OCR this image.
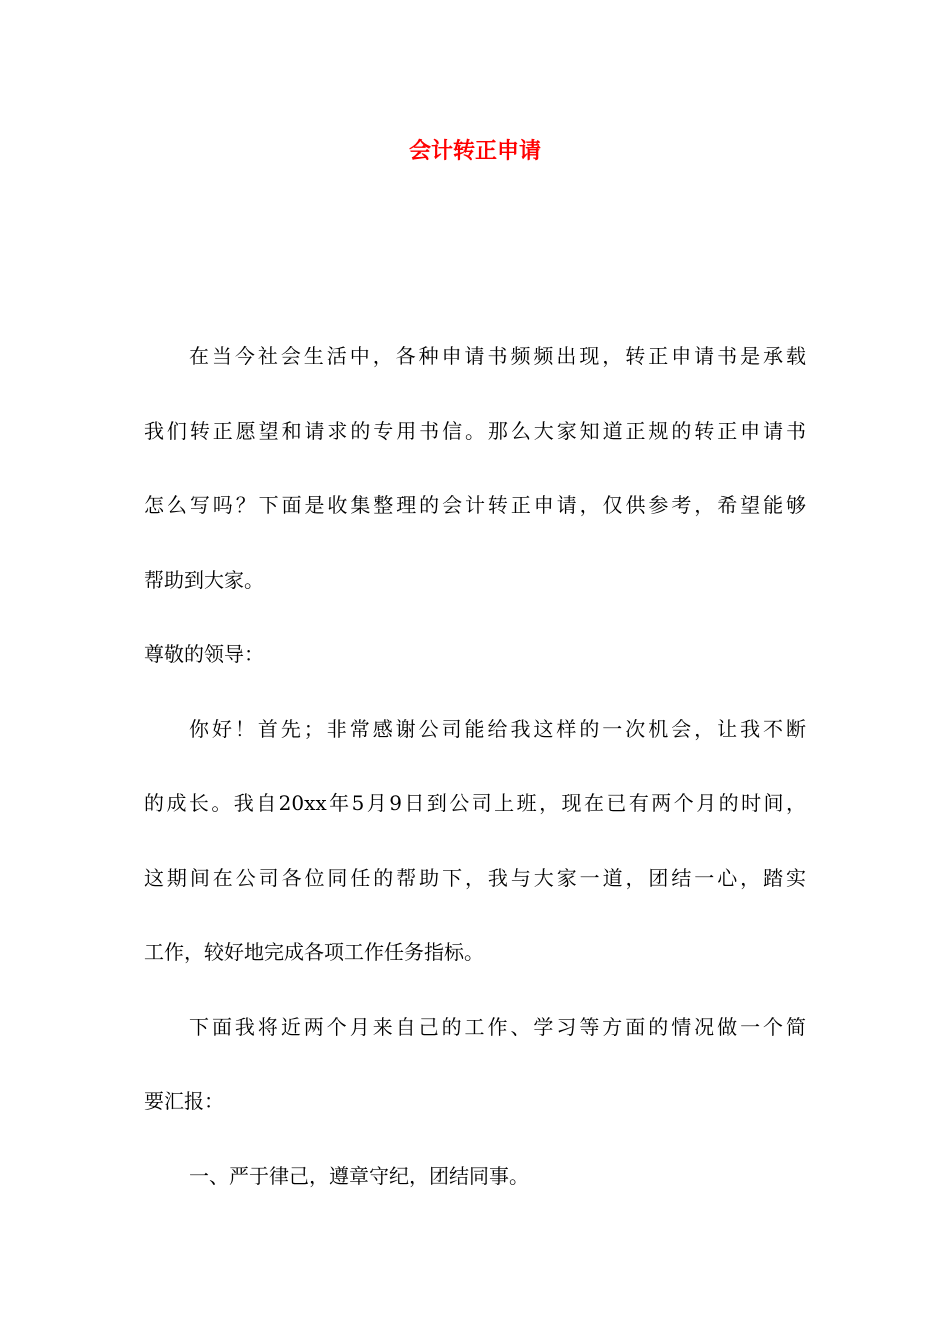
会计转正申请
在当今社会生活中，各种申请书频频出现，转正申请书是承载
我们转正愿望和请求的专用书信。那么大家知道正规的转正申请书
怎么写吗？下面是收集整理的会计转正申请，仅供参考，希望能够
帮助到大家。
尊敬的领导：
你好！首先；非常感谢公司能给我这样的一次机会，让我不断
的成长。我自20xx年5月9日到公司上班，现在已有两个月的时间，
这期间在公司各位同任的帮助下，我与大家一道，团结一心，踏实
工作，较好地完成各项工作任务指标。
下面我将近两个月来自己的工作、学习等方面的情况做一个简
要汇报：
一、严于律己，遵章守纪，团结同事。
